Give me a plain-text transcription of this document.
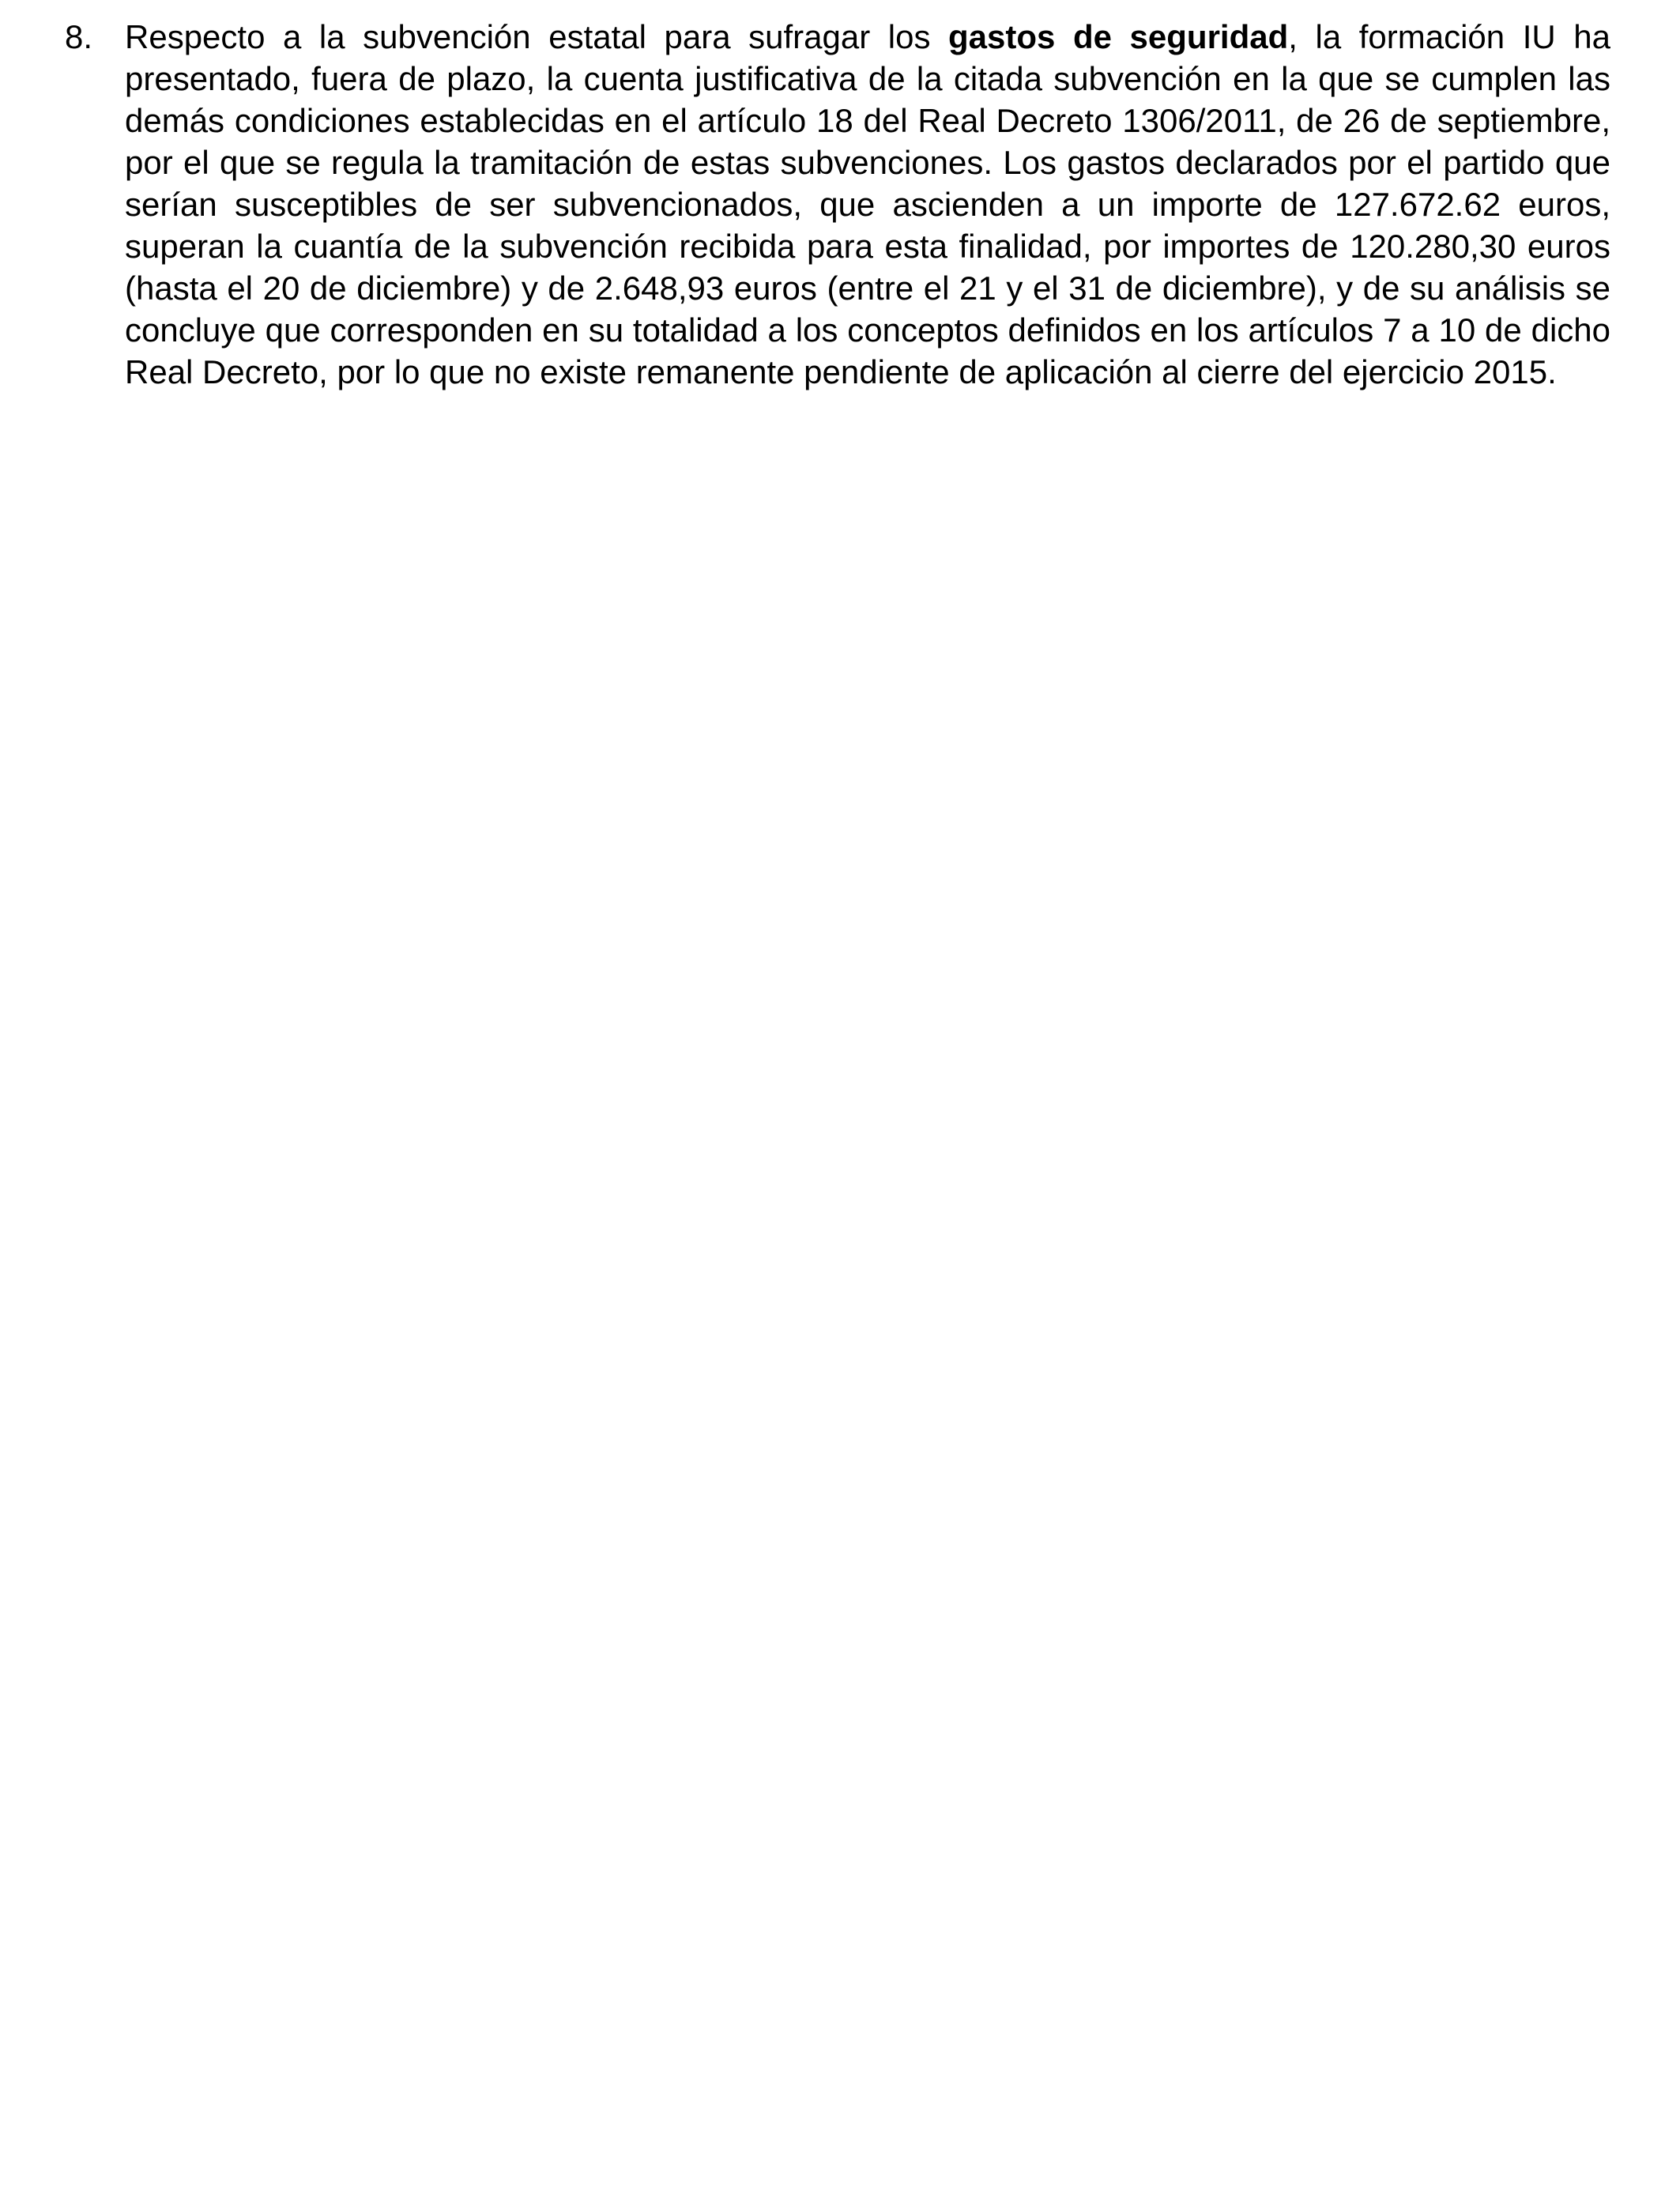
8. Respecto a la subvención estatal para sufragar los gastos de seguridad, la formación IU ha presentado, fuera de plazo, la cuenta justificativa de la citada subvención en la que se cumplen las demás condiciones establecidas en el artículo 18 del Real Decreto 1306/2011, de 26 de septiembre, por el que se regula la tramitación de estas subvenciones. Los gastos declarados por el partido que serían susceptibles de ser subvencionados, que ascienden a un importe de 127.672.62 euros, superan la cuantía de la subvención recibida para esta finalidad, por importes de 120.280,30 euros (hasta el 20 de diciembre) y de 2.648,93 euros (entre el 21 y el 31 de diciembre), y de su análisis se concluye que corresponden en su totalidad a los conceptos definidos en los artículos 7 a 10 de dicho Real Decreto, por lo que no existe remanente pendiente de aplicación al cierre del ejercicio 2015.
